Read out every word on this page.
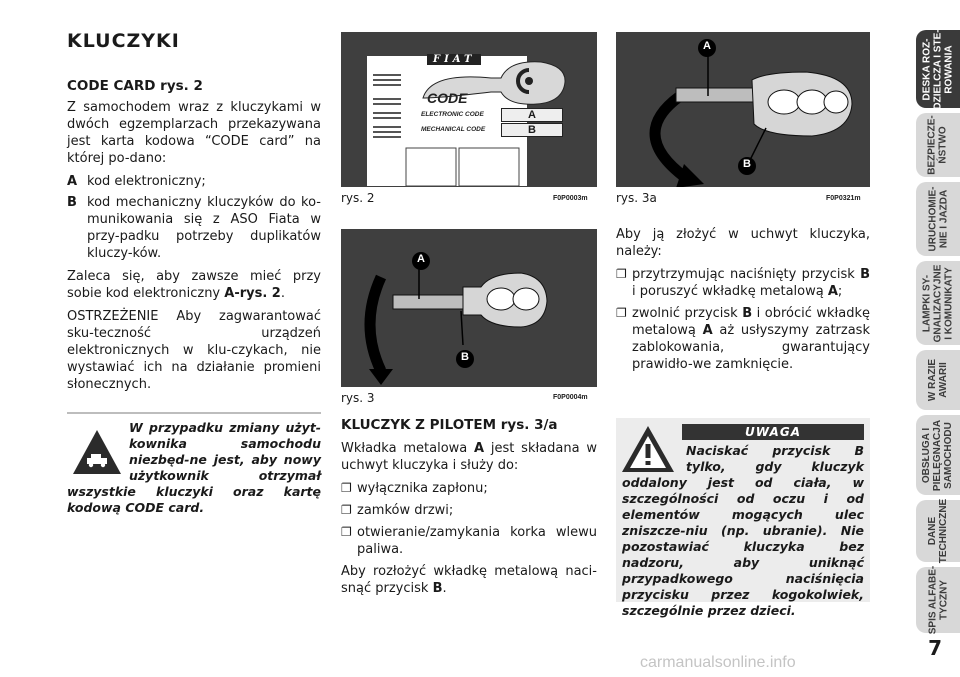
KLUCZYKI

CODE CARD rys. 2

Z samochodem wraz z kluczykami w dwóch egzemplarzach przekazywana jest karta kodowa “CODE card” na której po-dano:

A kod elektroniczny;
B kod mechaniczny kluczyków do ko-munikowania się z ASO Fiata w przy-padku potrzeby duplikatów kluczy-ków.

Zaleca się, aby zawsze mieć przy sobie kod elektroniczny A-rys. 2.

OSTRZEŻENIE Aby zagwarantować sku-teczność urządzeń elektronicznych w klu-czykach, nie wystawiać ich na działanie promieni słonecznych.

W przypadku zmiany użyt-kownika samochodu niezbęd-ne jest, aby nowy użytkownik otrzymał wszystkie kluczyki oraz kartę kodową CODE card.
FIAT
CODE
ELECTRONIC CODE	A
MECHANICAL CODE	B
rys. 2	F0P0003m
A
B
rys. 3	F0P0004m
A
B
rys. 3a	F0P0321m

KLUCZYK Z PILOTEM rys. 3/a

Wkładka metalowa A jest składana w uchwyt kluczyka i służy do:

❐ wyłącznika zapłonu;
❐ zamków drzwi;
❐ otwieranie/zamykania korka wlewu paliwa.

Aby rozłożyć wkładkę metalową naci-snąć przycisk B.

Aby ją złożyć w uchwyt kluczyka, należy:

❐ przytrzymując naciśnięty przycisk B i poruszyć wkładkę metalową A;
❐ zwolnić przycisk B i obrócić wkładkę metalową A aż usłyszymy zatrzask zablokowania, gwarantujący prawidło-we zamknięcie.
UWAGA
Naciskać przycisk B tylko, gdy kluczyk oddalony jest od ciała, w szczególności od oczu i od elementów mogących ulec zniszcze-niu (np. ubranie). Nie pozostawiać kluczyka bez nadzoru, aby uniknąć przypadkowego naciśnięcia przycisku przez kogokolwiek, szczególnie przez dzieci.
DESKA ROZ-
DZIELCZA I STE-
ROWANIA
BEZPIECZE-
ŃSTWO
URUCHOMIE-
NIE I JAZDA
LAMPKI SY-
GNALIZACYJNE
I KOMUNIKATY
W RAZIE
AWARII
OBSŁUGA I
PIELĘGNACJA
SAMOCHODU
DANE
TECHNICZNE
SPIS ALFABE-
TYCZNY
7
carmanualsonline.info
